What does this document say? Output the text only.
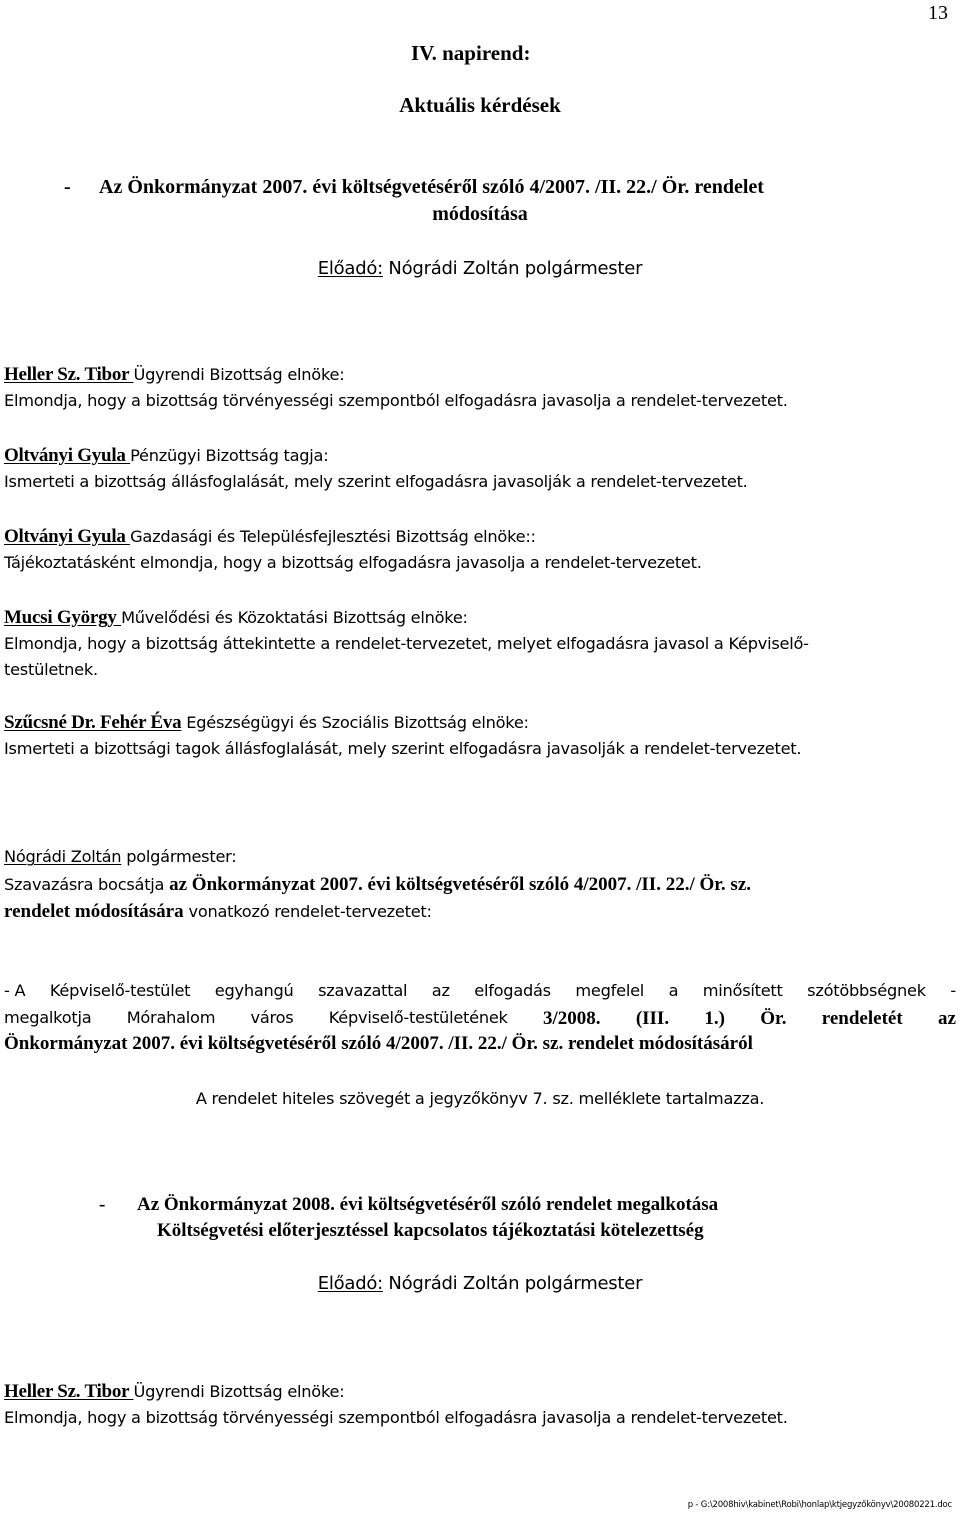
13
IV. napirend:
Aktuális kérdések
- Az Önkormányzat 2007. évi költségvetéséről szóló 4/2007. /II. 22./ Ör. rendelet
módosítása
Előadó: Nógrádi Zoltán polgármester
Heller Sz. Tibor Ügyrendi Bizottság elnöke:
Elmondja, hogy a bizottság törvényességi szempontból elfogadásra javasolja a rendelet-tervezetet.
Oltványi Gyula Pénzügyi Bizottság tagja:
Ismerteti a bizottság állásfoglalását, mely szerint elfogadásra javasolják a rendelet-tervezetet.
Oltványi Gyula Gazdasági és Településfejlesztési Bizottság elnöke::
Tájékoztatásként elmondja, hogy a bizottság elfogadásra javasolja a rendelet-tervezetet.
Mucsi György Művelődési és Közoktatási Bizottság elnöke:
Elmondja, hogy a bizottság áttekintette a rendelet-tervezetet, melyet elfogadásra javasol a Képviselő-
testületnek.
Szűcsné Dr. Fehér Éva Egészségügyi és Szociális Bizottság elnöke:
Ismerteti a bizottsági tagok állásfoglalását, mely szerint elfogadásra javasolják a rendelet-tervezetet.
Nógrádi Zoltán polgármester:
Szavazásra bocsátja az Önkormányzat 2007. évi költségvetéséről szóló 4/2007. /II. 22./ Ör. sz.
rendelet módosítására vonatkozó rendelet-tervezetet:
- A Képviselő-testület egyhangú szavazattal az elfogadás megfelel a minősített szótöbbségnek -
megalkotja Mórahalom város Képviselő-testületének 3/2008. (III. 1.) Ör. rendeletét az
Önkormányzat 2007. évi költségvetéséről szóló 4/2007. /II. 22./ Ör. sz. rendelet módosításáról
A rendelet hiteles szövegét a jegyzőkönyv 7. sz. melléklete tartalmazza.
- Az Önkormányzat 2008. évi költségvetéséről szóló rendelet megalkotása
Költségvetési előterjesztéssel kapcsolatos tájékoztatási kötelezettség
Előadó: Nógrádi Zoltán polgármester
Heller Sz. Tibor Ügyrendi Bizottság elnöke:
Elmondja, hogy a bizottság törvényességi szempontból elfogadásra javasolja a rendelet-tervezetet.
p - G:\2008hiv\kabinet\Robi\honlap\ktjegyzőkönyv\20080221.doc
